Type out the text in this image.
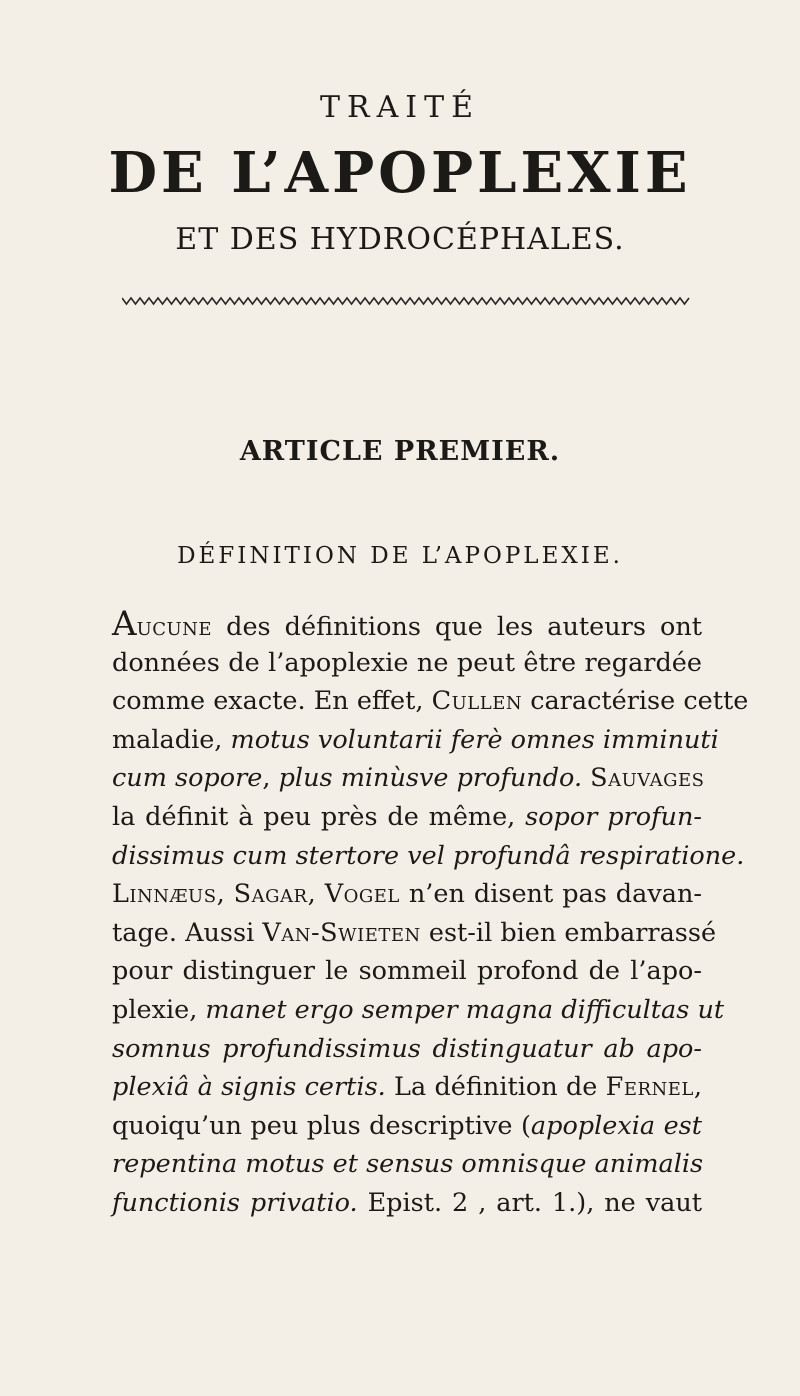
TRAITÉ
DE L’APOPLEXIE
ET DES HYDROCÉPHALES.
ARTICLE PREMIER.
DÉFINITION DE L’APOPLEXIE.
Aucune des définitions que les auteurs ont
données de l’apoplexie ne peut être regardée
comme exacte. En effet, Cullen caractérise cette
maladie, motus voluntarii ferè omnes imminuti
cum sopore, plus minùsve profundo. Sauvages
la définit à peu près de même, sopor profun-
dissimus cum stertore vel profundâ respiratione.
Linnæus, Sagar, Vogel n’en disent pas davan-
tage. Aussi Van-Swieten est-il bien embarrassé
pour distinguer le sommeil profond de l’apo-
plexie, manet ergo semper magna difficultas ut
somnus profundissimus distinguatur ab apo-
plexiâ à signis certis. La définition de Fernel,
quoiqu’un peu plus descriptive (apoplexia est
repentina motus et sensus omnisque animalis
functionis privatio. Epist. 2 , art. 1.), ne vaut
